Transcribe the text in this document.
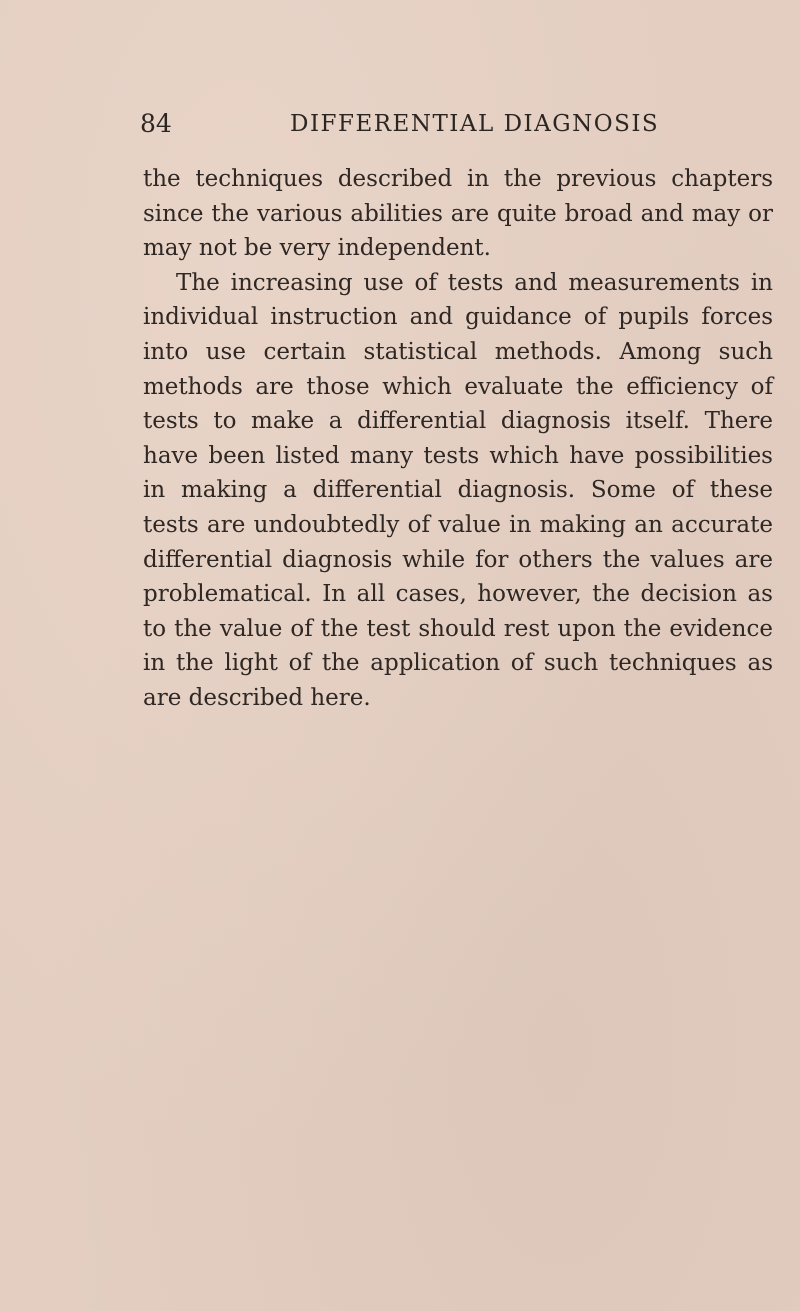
84	DIFFERENTIAL DIAGNOSIS

the techniques described in the previous chapters since the various abilities are quite broad and may or may not be very independent.

The increasing use of tests and measurements in individual instruction and guidance of pupils forces into use certain statistical methods. Among such methods are those which evaluate the efficiency of tests to make a differential diagnosis itself. There have been listed many tests which have possibilities in making a differential diagnosis. Some of these tests are undoubtedly of value in making an accurate differential diagnosis while for others the values are problematical. In all cases, however, the decision as to the value of the test should rest upon the evidence in the light of the application of such techniques as are described here.
